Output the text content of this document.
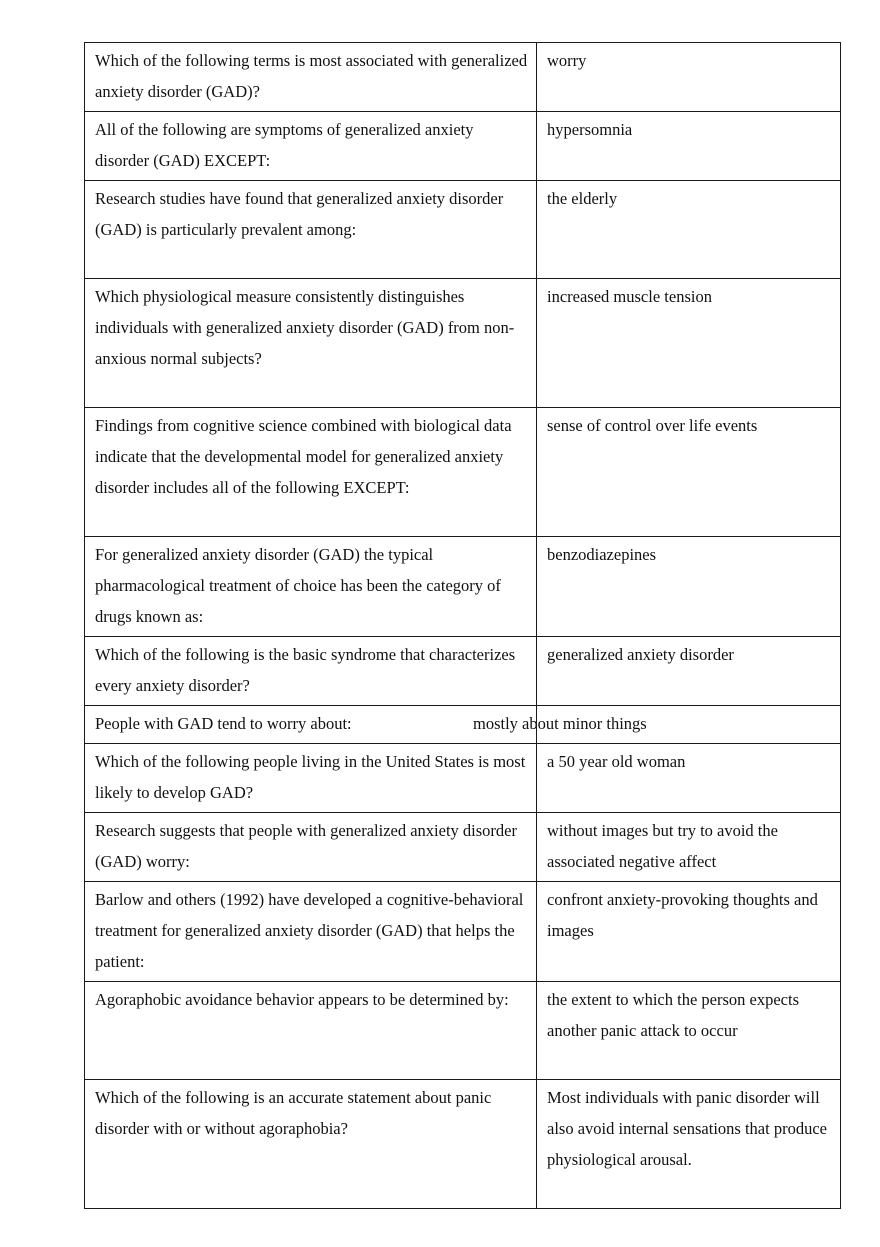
Which of the following terms is most associated with generalized anxiety disorder (GAD)?	worry
All of the following are symptoms of generalized anxiety disorder (GAD) EXCEPT:	hypersomnia
Research studies have found that generalized anxiety disorder (GAD) is particularly prevalent among:	the elderly
Which physiological measure consistently distinguishes individuals with generalized anxiety disorder (GAD) from non-anxious normal subjects?	increased muscle tension
Findings from cognitive science combined with biological data indicate that the developmental model for generalized anxiety disorder includes all of the following EXCEPT:	sense of control over life events
For generalized anxiety disorder (GAD) the typical pharmacological treatment of choice has been the category of drugs known as:	benzodiazepines
Which of the following is the basic syndrome that characterizes every anxiety disorder?	generalized anxiety disorder
People with GAD tend to worry about: mostly about minor things	

Which of the following people living in the United States is most likely to develop GAD?	a 50 year old woman
Research suggests that people with generalized anxiety disorder (GAD) worry:	without images but try to avoid the associated negative affect
Barlow and others (1992) have developed a cognitive-behavioral treatment for generalized anxiety disorder (GAD) that helps the patient:	confront anxiety-provoking thoughts and images
Agoraphobic avoidance behavior appears to be determined by:	the extent to which the person expects another panic attack to occur
Which of the following is an accurate statement about panic disorder with or without agoraphobia?	Most individuals with panic disorder will also avoid internal sensations that produce physiological arousal.
